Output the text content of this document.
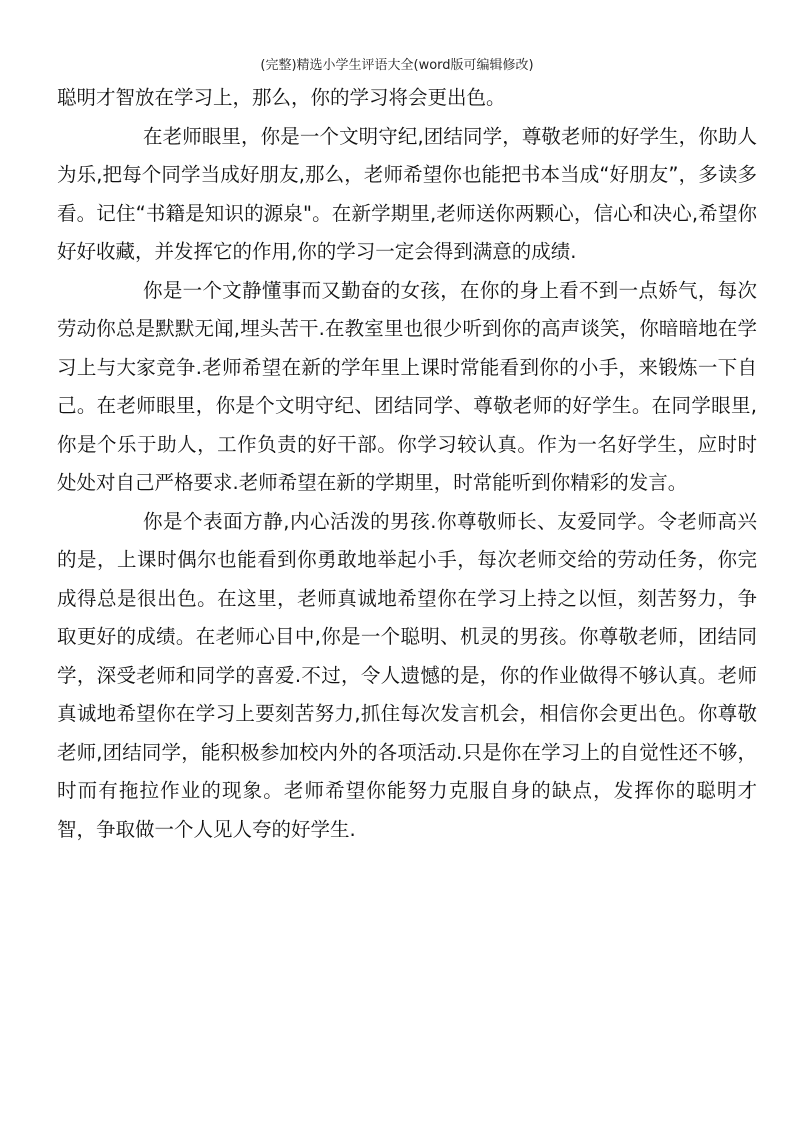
(完整)精选小学生评语大全(word版可编辑修改)

聪明才智放在学习上，那么，你的学习将会更出色。

在老师眼里，你是一个文明守纪,团结同学，尊敬老师的好学生，你助人为乐,把每个同学当成好朋友,那么，老师希望你也能把书本当成“好朋友”，多读多看。记住“书籍是知识的源泉"。在新学期里,老师送你两颗心，信心和决心,希望你好好收藏，并发挥它的作用,你的学习一定会得到满意的成绩.

你是一个文静懂事而又勤奋的女孩，在你的身上看不到一点娇气，每次劳动你总是默默无闻,埋头苦干.在教室里也很少听到你的高声谈笑，你暗暗地在学习上与大家竞争.老师希望在新的学年里上课时常能看到你的小手，来锻炼一下自己。在老师眼里，你是个文明守纪、团结同学、尊敬老师的好学生。在同学眼里,你是个乐于助人，工作负责的好干部。你学习较认真。作为一名好学生，应时时处处对自己严格要求.老师希望在新的学期里，时常能听到你精彩的发言。

你是个表面方静,内心活泼的男孩.你尊敬师长、友爱同学。令老师高兴的是，上课时偶尔也能看到你勇敢地举起小手，每次老师交给的劳动任务，你完成得总是很出色。在这里，老师真诚地希望你在学习上持之以恒，刻苦努力，争取更好的成绩。在老师心目中,你是一个聪明、机灵的男孩。你尊敬老师，团结同学，深受老师和同学的喜爱.不过，令人遗憾的是，你的作业做得不够认真。老师真诚地希望你在学习上要刻苦努力,抓住每次发言机会，相信你会更出色。你尊敬老师,团结同学，能积极参加校内外的各项活动.只是你在学习上的自觉性还不够，时而有拖拉作业的现象。老师希望你能努力克服自身的缺点，发挥你的聪明才智，争取做一个人见人夸的好学生.
